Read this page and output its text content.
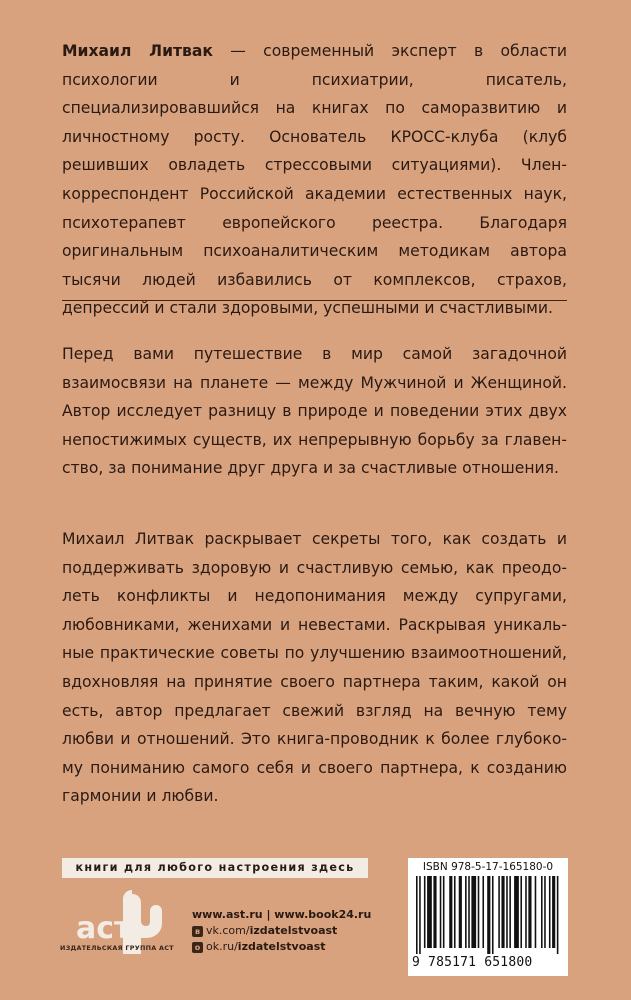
Михаил Литвак — современный эксперт в области психологии и психиатрии, писатель, специализировавшийся на книгах по саморазвитию и личностному росту. Основатель КРОСС-клуба (клуб решивших овладеть стрессовыми ситуациями). Член-корреспондент Российской академии естественных наук, психотерапевт европейского реестра. Благодаря оригинальным психоаналитическим методикам автора тысячи людей избавились от комплексов, страхов, депрессий и стали здоровыми, успешными и счастливыми.
Перед вами путешествие в мир самой загадочной взаимосвязи на планете — между Мужчиной и Женщиной. Автор исследует разницу в природе и поведении этих двух непостижимых существ, их непрерывную борьбу за главенство, за понимание друг друга и за счастливые отношения.
Михаил Литвак раскрывает секреты того, как создать и поддерживать здоровую и счастливую семью, как преодолеть конфликты и недопонимания между супругами, любовниками, женихами и невестами. Раскрывая уникальные практические советы по улучшению взаимоотношений, вдохновляя на принятие своего партнера таким, какой он есть, автор предлагает свежий взгляд на вечную тему любви и отношений. Это книга-проводник к более глубокому пониманию самого себя и своего партнера, к созданию гармонии и любви.
книги для любого настроения здесь
аст
ИЗДАТЕЛЬСКАЯ ГРУППА АСТ
www.ast.ru | www.book24.ru
в vk.com/ izdatelstvoast
о ok.ru/ izdatelstvoast
ISBN 978-5-17-165180-0
9 785171 651800
